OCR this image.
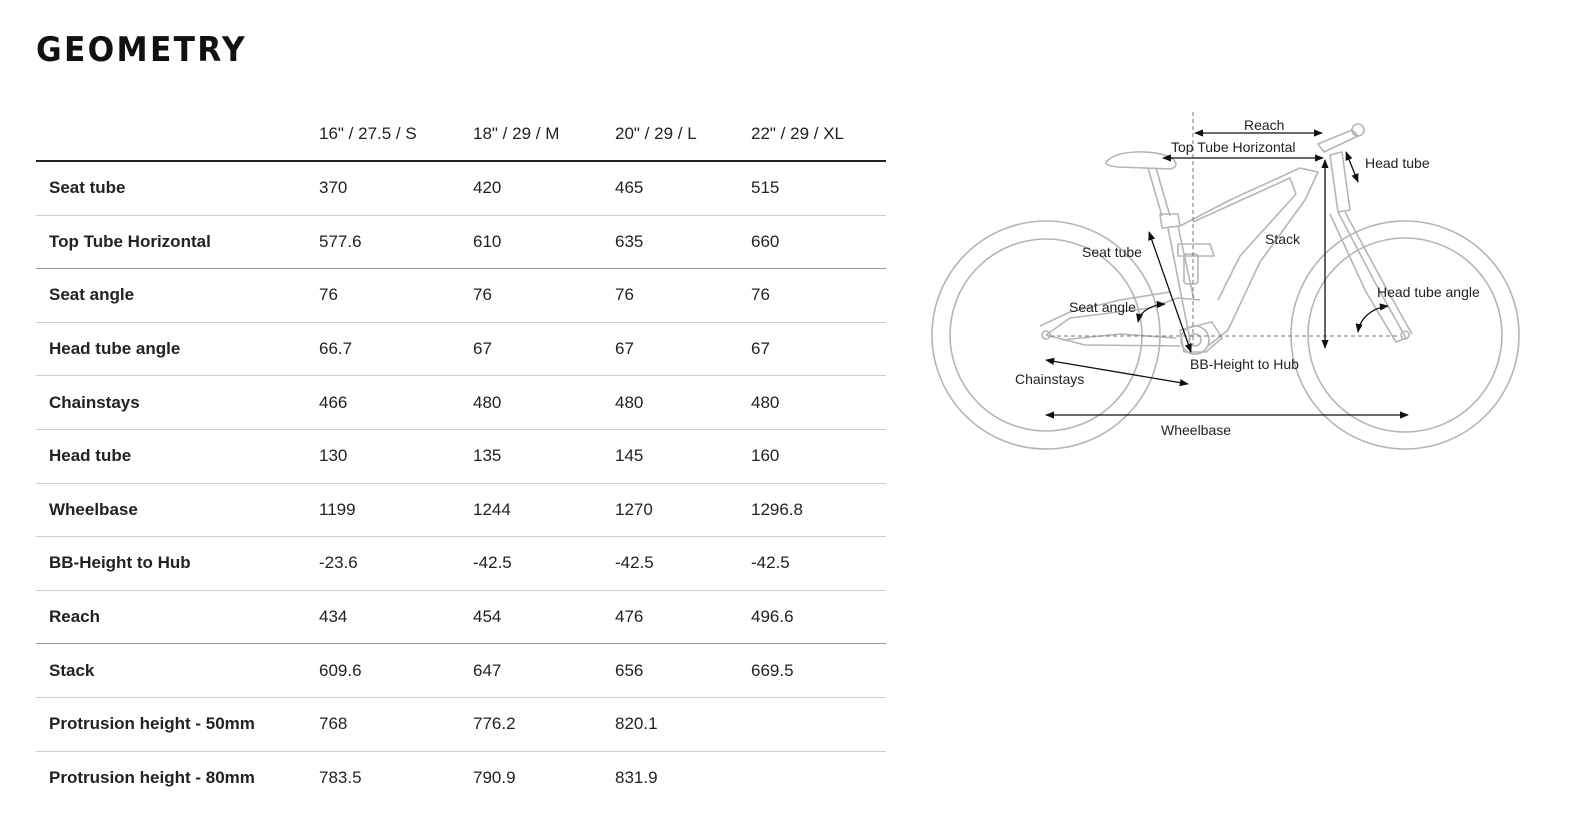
GEOMETRY
	16" / 27.5 / S	18" / 29 / M	20" / 29 / L	22" / 29 / XL
Seat tube	370	420	465	515
Top Tube Horizontal	577.6	610	635	660
Seat angle	76	76	76	76
Head tube angle	66.7	67	67	67
Chainstays	466	480	480	480
Head tube	130	135	145	160
Wheelbase	1199	1244	1270	1296.8
BB-Height to Hub	-23.6	-42.5	-42.5	-42.5
Reach	434	454	476	496.6
Stack	609.6	647	656	669.5
Protrusion height - 50mm	768	776.2	820.1	
Protrusion height - 80mm	783.5	790.9	831.9	
Reach
Top Tube Horizontal
Head tube
Stack
Seat tube
Seat angle
Head tube angle
BB-Height to Hub
Chainstays
Wheelbase
